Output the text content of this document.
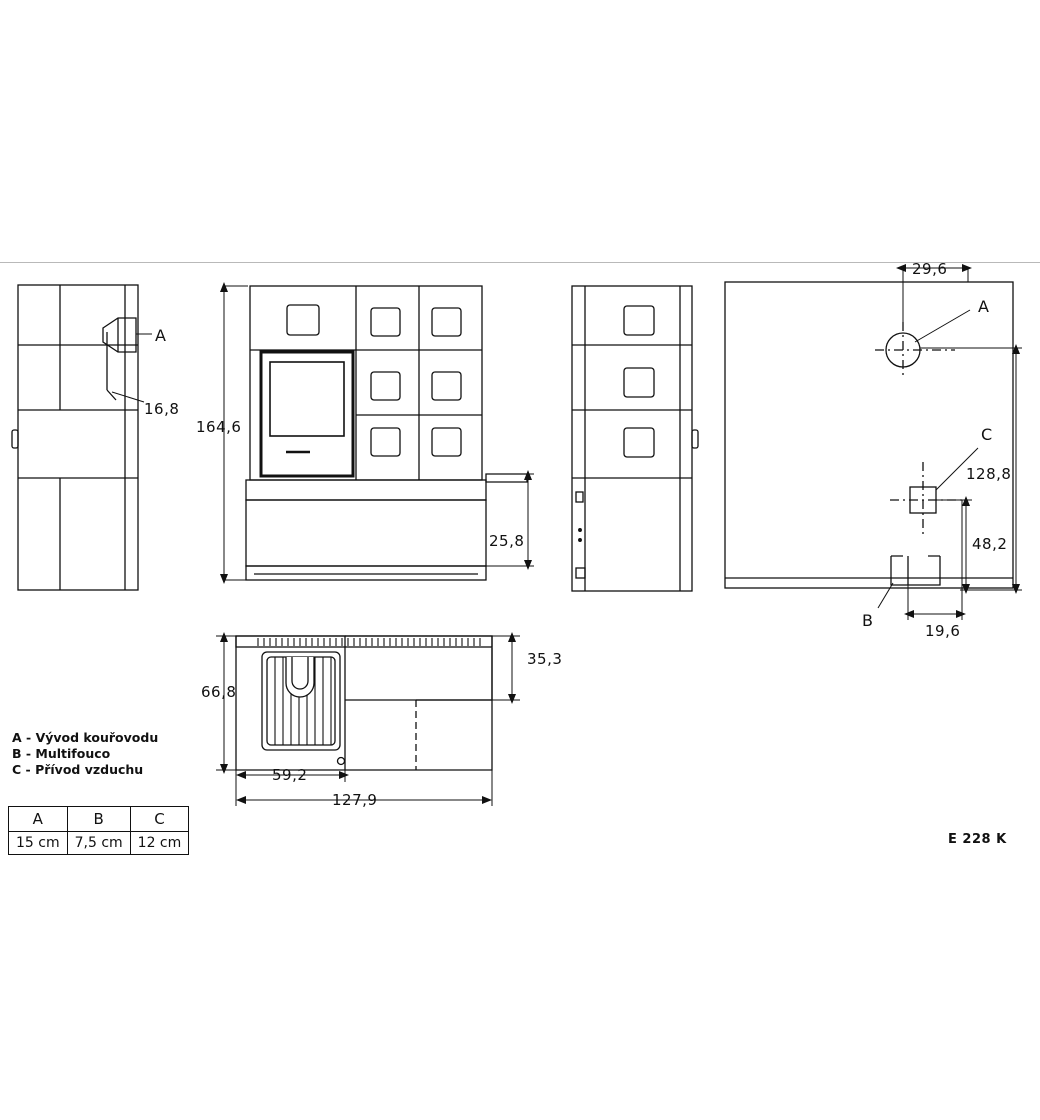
A
16,8
164,6
25,8
29,6
A
C
B
128,8
48,2
19,6
66,8
35,3
59,2
127,9
A - Vývod kouřovodu
B - Multifouco
C - Přívod vzduchu
A	B	C
15 cm	7,5 cm	12 cm	E 228 K
